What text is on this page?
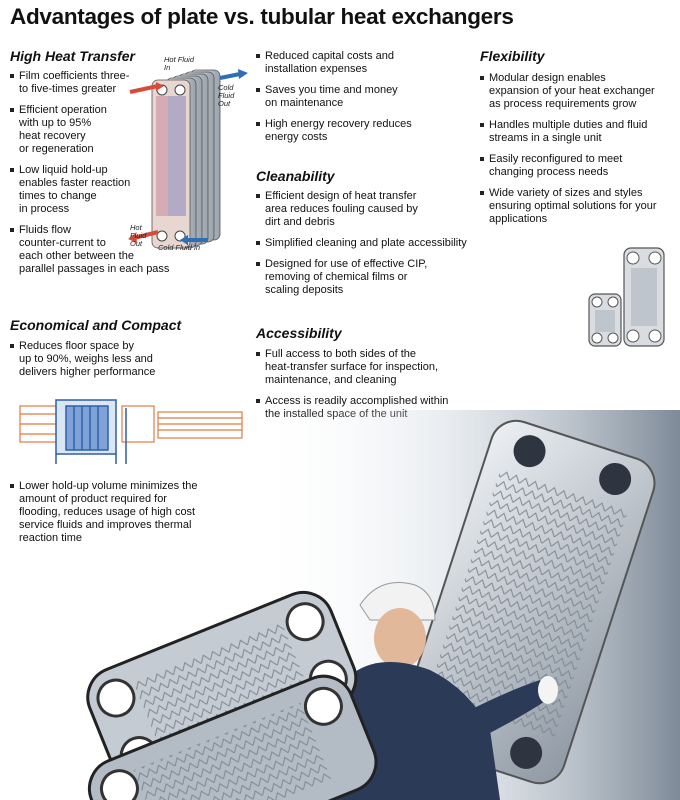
Advantages of plate vs. tubular heat exchangers
High Heat Transfer
Film coefficients three-
to five-times greater
Efficient operation
with up to 95%
heat recovery
or regeneration
Low liquid hold-up
enables faster reaction
times to change
in process
Fluids flow
counter-current to
each other between the
parallel passages in each pass
Hot Fluid
In
Cold
Fluid
Out
Hot
Fluid
Out	Cold Fluid In
Economical and Compact
Reduces floor space by
up to 90%, weighs less and
delivers higher performance
Lower hold-up volume minimizes the
amount of product required for
flooding, reduces usage of high cost
service fluids and improves thermal
reaction time
Reduced capital costs and
installation expenses
Saves you time and money
on maintenance
High energy recovery reduces
energy costs
Cleanability
Efficient design of heat transfer
area reduces fouling caused by
dirt and debris
Simplified cleaning and plate accessibility
Designed for use of effective CIP,
removing of chemical films or
scaling deposits
Accessibility
Full access to both sides of the
heat-transfer surface for inspection,
maintenance, and cleaning
Access is readily accomplished within
Flexibility
Modular design enables
expansion of your heat exchanger
as process requirements grow
Handles multiple duties and fluid
streams in a single unit
Easily reconfigured to meet
changing process needs
Wide variety of sizes and styles
ensuring optimal solutions for your
applications
